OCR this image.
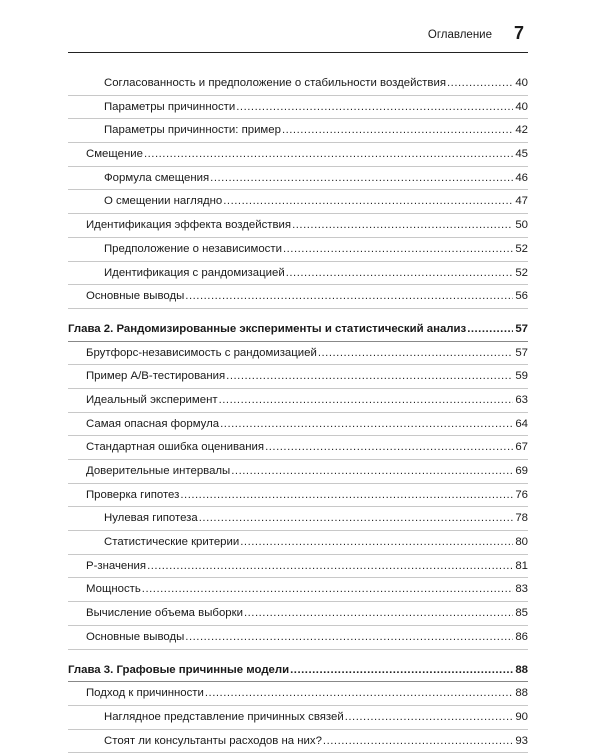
Оглавление 7
Согласованность и предположение о стабильности воздействия .....	40
Параметры причинности .....	40
Параметры причинности: пример .....	42
Смещение .....	45
Формула смещения .....	46
О смещении наглядно .....	47
Идентификация эффекта воздействия .....	50
Предположение о независимости .....	52
Идентификация с рандомизацией .....	52
Основные выводы .....	56
Глава 2. Рандомизированные эксперименты и статистический анализ .....	57
Брутфорс-независимость с рандомизацией .....	57
Пример A/B-тестирования .....	59
Идеальный эксперимент .....	63
Самая опасная формула .....	64
Стандартная ошибка оценивания .....	67
Доверительные интервалы .....	69
Проверка гипотез .....	76
Нулевая гипотеза .....	78
Статистические критерии .....	80
P-значения .....	81
Мощность .....	83
Вычисление объема выборки .....	85
Основные выводы .....	86
Глава 3. Графовые причинные модели .....	88
Подход к причинности .....	88
Наглядное представление причинных связей .....	90
Стоят ли консультанты расходов на них? .....	93
